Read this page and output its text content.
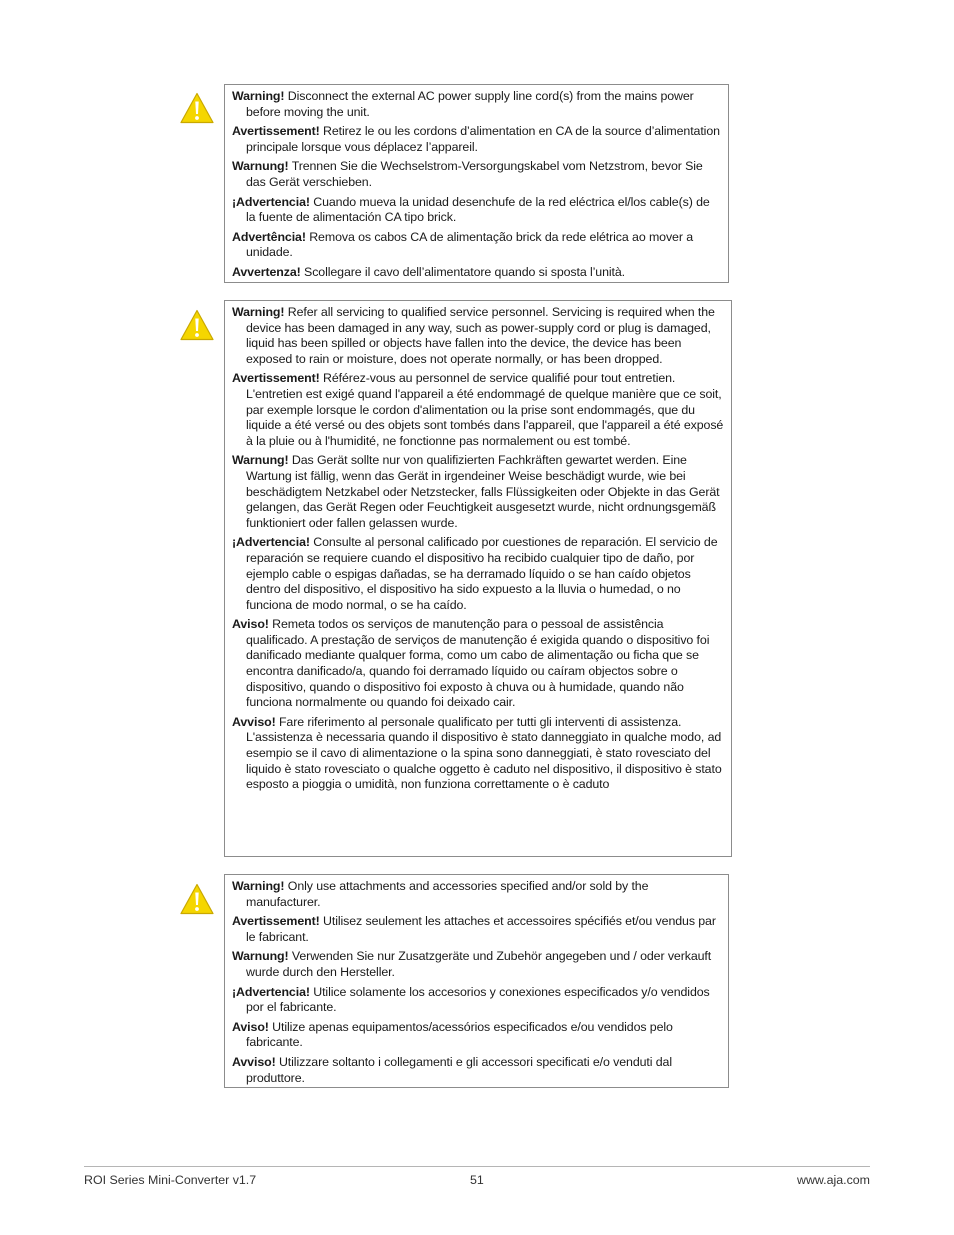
Warning! Disconnect the external AC power supply line cord(s) from the mains power before moving the unit.

Avertissement! Retirez le ou les cordons d’alimentation en CA de la source d’alimentation principale lorsque vous déplacez l’appareil.

Warnung! Trennen Sie die Wechselstrom-Versorgungskabel vom Netzstrom, bevor Sie das Gerät verschieben.

¡Advertencia! Cuando mueva la unidad desenchufe de la red eléctrica el/los cable(s) de la fuente de alimentación CA tipo brick.

Advertência! Remova os cabos CA de alimentação brick da rede elétrica ao mover a unidade.

Avvertenza! Scollegare il cavo dell’alimentatore quando si sposta l’unità.

Warning! Refer all servicing to qualified service personnel. Servicing is required when the device has been damaged in any way, such as power-supply cord or plug is damaged, liquid has been spilled or objects have fallen into the device, the device has been exposed to rain or moisture, does not operate normally, or has been dropped.

Avertissement! Référez-vous au personnel de service qualifié pour tout entretien. L'entretien est exigé quand l'appareil a été endommagé de quelque manière que ce soit, par exemple lorsque le cordon d'alimentation ou la prise sont endommagés, que du liquide a été versé ou des objets sont tombés dans l'appareil, que l'appareil a été exposé à la pluie ou à l'humidité, ne fonctionne pas normalement ou est tombé.

Warnung! Das Gerät sollte nur von qualifizierten Fachkräften gewartet werden. Eine Wartung ist fällig, wenn das Gerät in irgendeiner Weise beschädigt wurde, wie bei beschädigtem Netzkabel oder Netzstecker, falls Flüssigkeiten oder Objekte in das Gerät gelangen, das Gerät Regen oder Feuchtigkeit ausgesetzt wurde, nicht ordnungsgemäß funktioniert oder fallen gelassen wurde.

¡Advertencia! Consulte al personal calificado por cuestiones de reparación. El servicio de reparación se requiere cuando el dispositivo ha recibido cualquier tipo de daño, por ejemplo cable o espigas dañadas, se ha derramado líquido o se han caído objetos dentro del dispositivo, el dispositivo ha sido expuesto a la lluvia o humedad, o no funciona de modo normal, o se ha caído.

Aviso! Remeta todos os serviços de manutenção para o pessoal de assistência qualificado. A prestação de serviços de manutenção é exigida quando o dispositivo foi danificado mediante qualquer forma, como um cabo de alimentação ou ficha que se encontra danificado/a, quando foi derramado líquido ou caíram objectos sobre o dispositivo, quando o dispositivo foi exposto à chuva ou à humidade, quando não funciona normalmente ou quando foi deixado cair.

Avviso! Fare riferimento al personale qualificato per tutti gli interventi di assistenza. L'assistenza è necessaria quando il dispositivo è stato danneggiato in qualche modo, ad esempio se il cavo di alimentazione o la spina sono danneggiati, è stato rovesciato del liquido è stato rovesciato o qualche oggetto è caduto nel dispositivo, il dispositivo è stato esposto a pioggia o umidità, non funziona correttamente o è caduto

Warning! Only use attachments and accessories specified and/or sold by the manufacturer.

Avertissement! Utilisez seulement les attaches et accessoires spécifiés et/ou vendus par le fabricant.

Warnung! Verwenden Sie nur Zusatzgeräte und Zubehör angegeben und / oder verkauft wurde durch den Hersteller.

¡Advertencia! Utilice solamente los accesorios y conexiones especificados y/o vendidos por el fabricante.

Aviso! Utilize apenas equipamentos/acessórios especificados e/ou vendidos pelo fabricante.

Avviso! Utilizzare soltanto i collegamenti e gli accessori specificati e/o venduti dal produttore.

ROI Series Mini-Converter v1.7	51	www.aja.com
